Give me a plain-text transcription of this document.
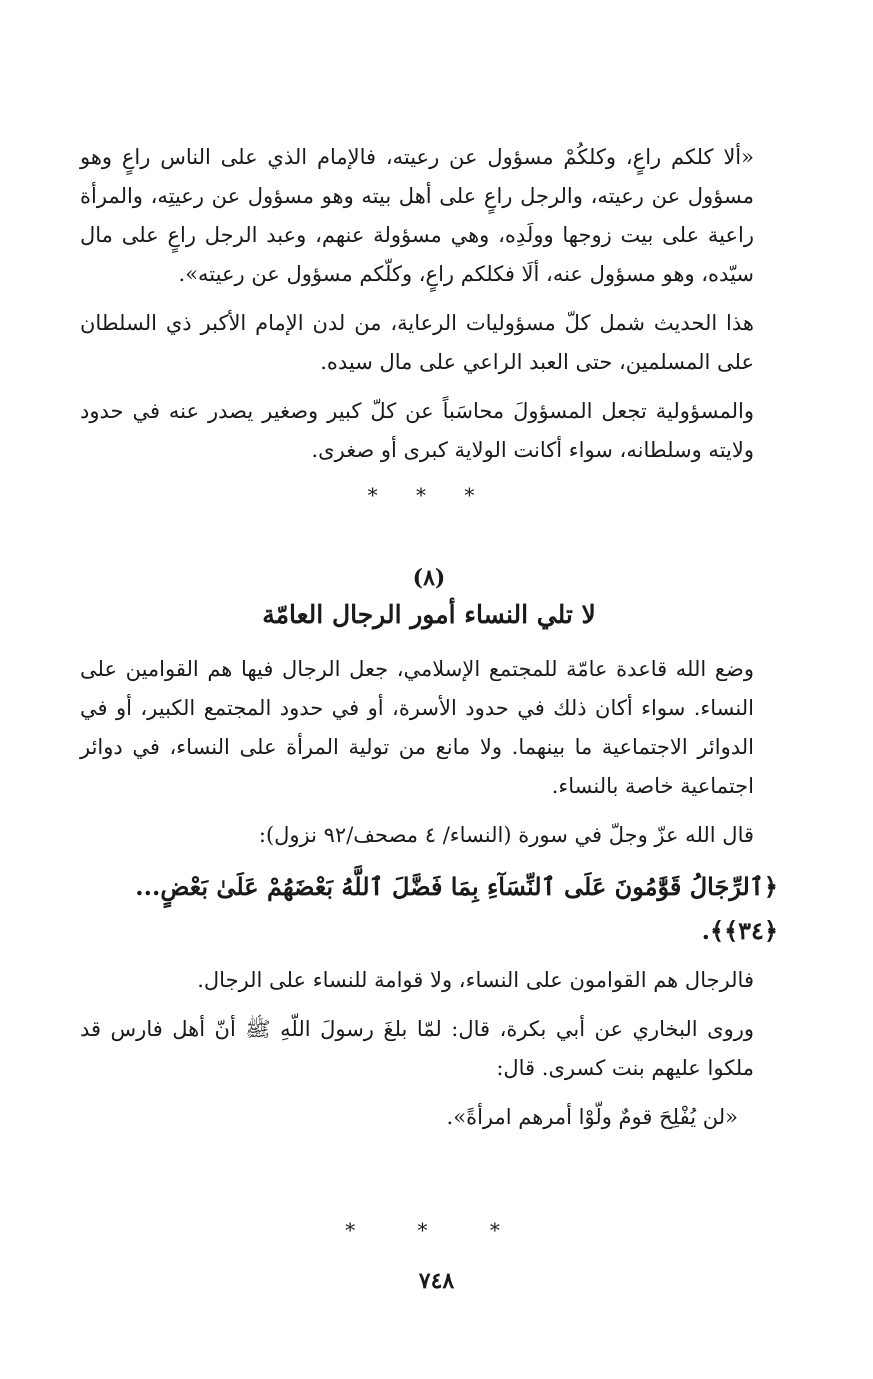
«ألا كلكم راعٍ، وكلكُمْ مسؤول عن رعيته، فالإمام الذي على الناس راعٍ وهو مسؤول عن رعيته، والرجل راعٍ على أهل بيته وهو مسؤول عن رعيتِه، والمرأة راعية على بيت زوجها وولَدِه، وهي مسؤولة عنهم، وعبد الرجل راعٍ على مال سيّده، وهو مسؤول عنه، ألَا فكلكم راعٍ، وكلّكم مسؤول عن رعيته».

هذا الحديث شمل كلّ مسؤوليات الرعاية، من لدن الإمام الأكبر ذي السلطان على المسلمين، حتى العبد الراعي على مال سيده.

والمسؤولية تجعل المسؤولَ محاسَباً عن كلّ كبير وصغير يصدر عنه في حدود ولايته وسلطانه، سواء أكانت الولاية كبرى أو صغرى.

* * *
(٨)
لا تلي النساء أمور الرجال العامّة

وضع الله قاعدة عامّة للمجتمع الإسلامي، جعل الرجال فيها هم القوامين على النساء. سواء أكان ذلك في حدود الأسرة، أو في حدود المجتمع الكبير، أو في الدوائر الاجتماعية ما بينهما. ولا مانع من تولية المرأة على النساء، في دوائر اجتماعية خاصة بالنساء.

قال الله عزّ وجلّ في سورة (النساء/ ٤ مصحف/٩٢ نزول):

﴿ٱلرِّجَالُ قَوَّٰمُونَ عَلَى ٱلنِّسَآءِ بِمَا فَضَّلَ ٱللَّهُ بَعْضَهُمْ عَلَىٰ بَعْضٍ... ﴿٣٤﴾﴾.

فالرجال هم القوامون على النساء، ولا قوامة للنساء على الرجال.

وروى البخاري عن أبي بكرة، قال: لمّا بلغَ رسولَ اللّهِ ﷺ أنّ أهل فارس قد ملكوا عليهم بنت كسرى. قال:

«لن يُفْلِحَ قومٌ ولّوْا أمرهم امرأةً».

* * *
٧٤٨
